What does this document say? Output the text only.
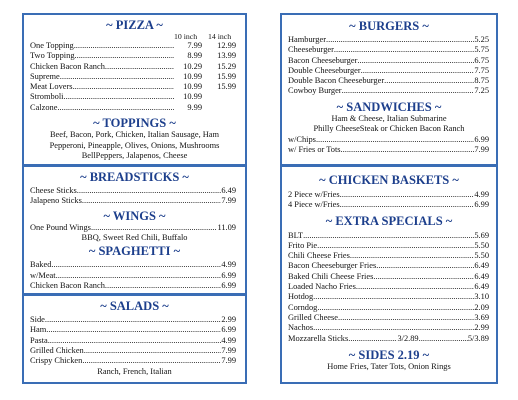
~ PIZZA ~
10 inch 14 inch
One Topping .....	7.99	12.99
Two Topping .....	8.99	13.99
Chicken Bacon Ranch .....	10.29	15.29
Supreme .....	10.99	15.99
Meat Lovers .....	10.99	15.99
Stromboli .....	10.99
Calzone .....	9.99
~ TOPPINGS ~
Beef, Bacon, Pork, Chicken, Italian Sausage, Ham
Pepperoni, Pineapple, Olives, Onions, Mushrooms
BellPeppers, Jalapenos, Cheese
~ BREADSTICKS ~
Cheese Sticks .....	6.49
Jalapeno Sticks .....	7.99
~ WINGS ~
One Pound Wings .....	11.09
BBQ, Sweet Red Chili, Buffalo
~ SPAGHETTI ~
Baked .....	4.99
w/Meat .....	6.99
Chicken Bacon Ranch .....	6.99
~ SALADS ~
Side .....	2.99
Ham .....	6.99
Pasta .....	4.99
Grilled Chicken .....	7.99
Crispy Chicken .....	7.99
Ranch, French, Italian
~ BURGERS ~
Hamburger .....	5.25
Cheeseburger .....	5.75
Bacon Cheeseburger .....	6.75
Double Cheeseburger .....	7.75
Double Bacon Cheeseburger .....	8.75
Cowboy Burger .....	7.25
~ SANDWICHES ~
Ham & Cheese, Italian Submarine
Philly CheeseSteak or Chicken Bacon Ranch
w/Chips .....	6.99
w/ Fries or Tots .....	7.99
~ CHICKEN BASKETS ~
2 Piece w/Fries .....	4.99
4 Piece w/Fries .....	6.99
~ EXTRA SPECIALS ~
BLT .....	5.69
Frito Pie .....	5.50
Chili Cheese Fries .....	5.50
Bacon Cheeseburger Fries .....	6.49
Baked Chili Cheese Fries .....	6.49
Loaded Nacho Fries .....	6.49
Hotdog .....	3.10
Corndog .....	2.09
Grilled Cheese .....	3.69
Nachos .....	2.99
Mozzarella Sticks .....	3/2.89 .....	5/3.89
~ SIDES 2.19 ~
Home Fries, Tater Tots, Onion Rings
